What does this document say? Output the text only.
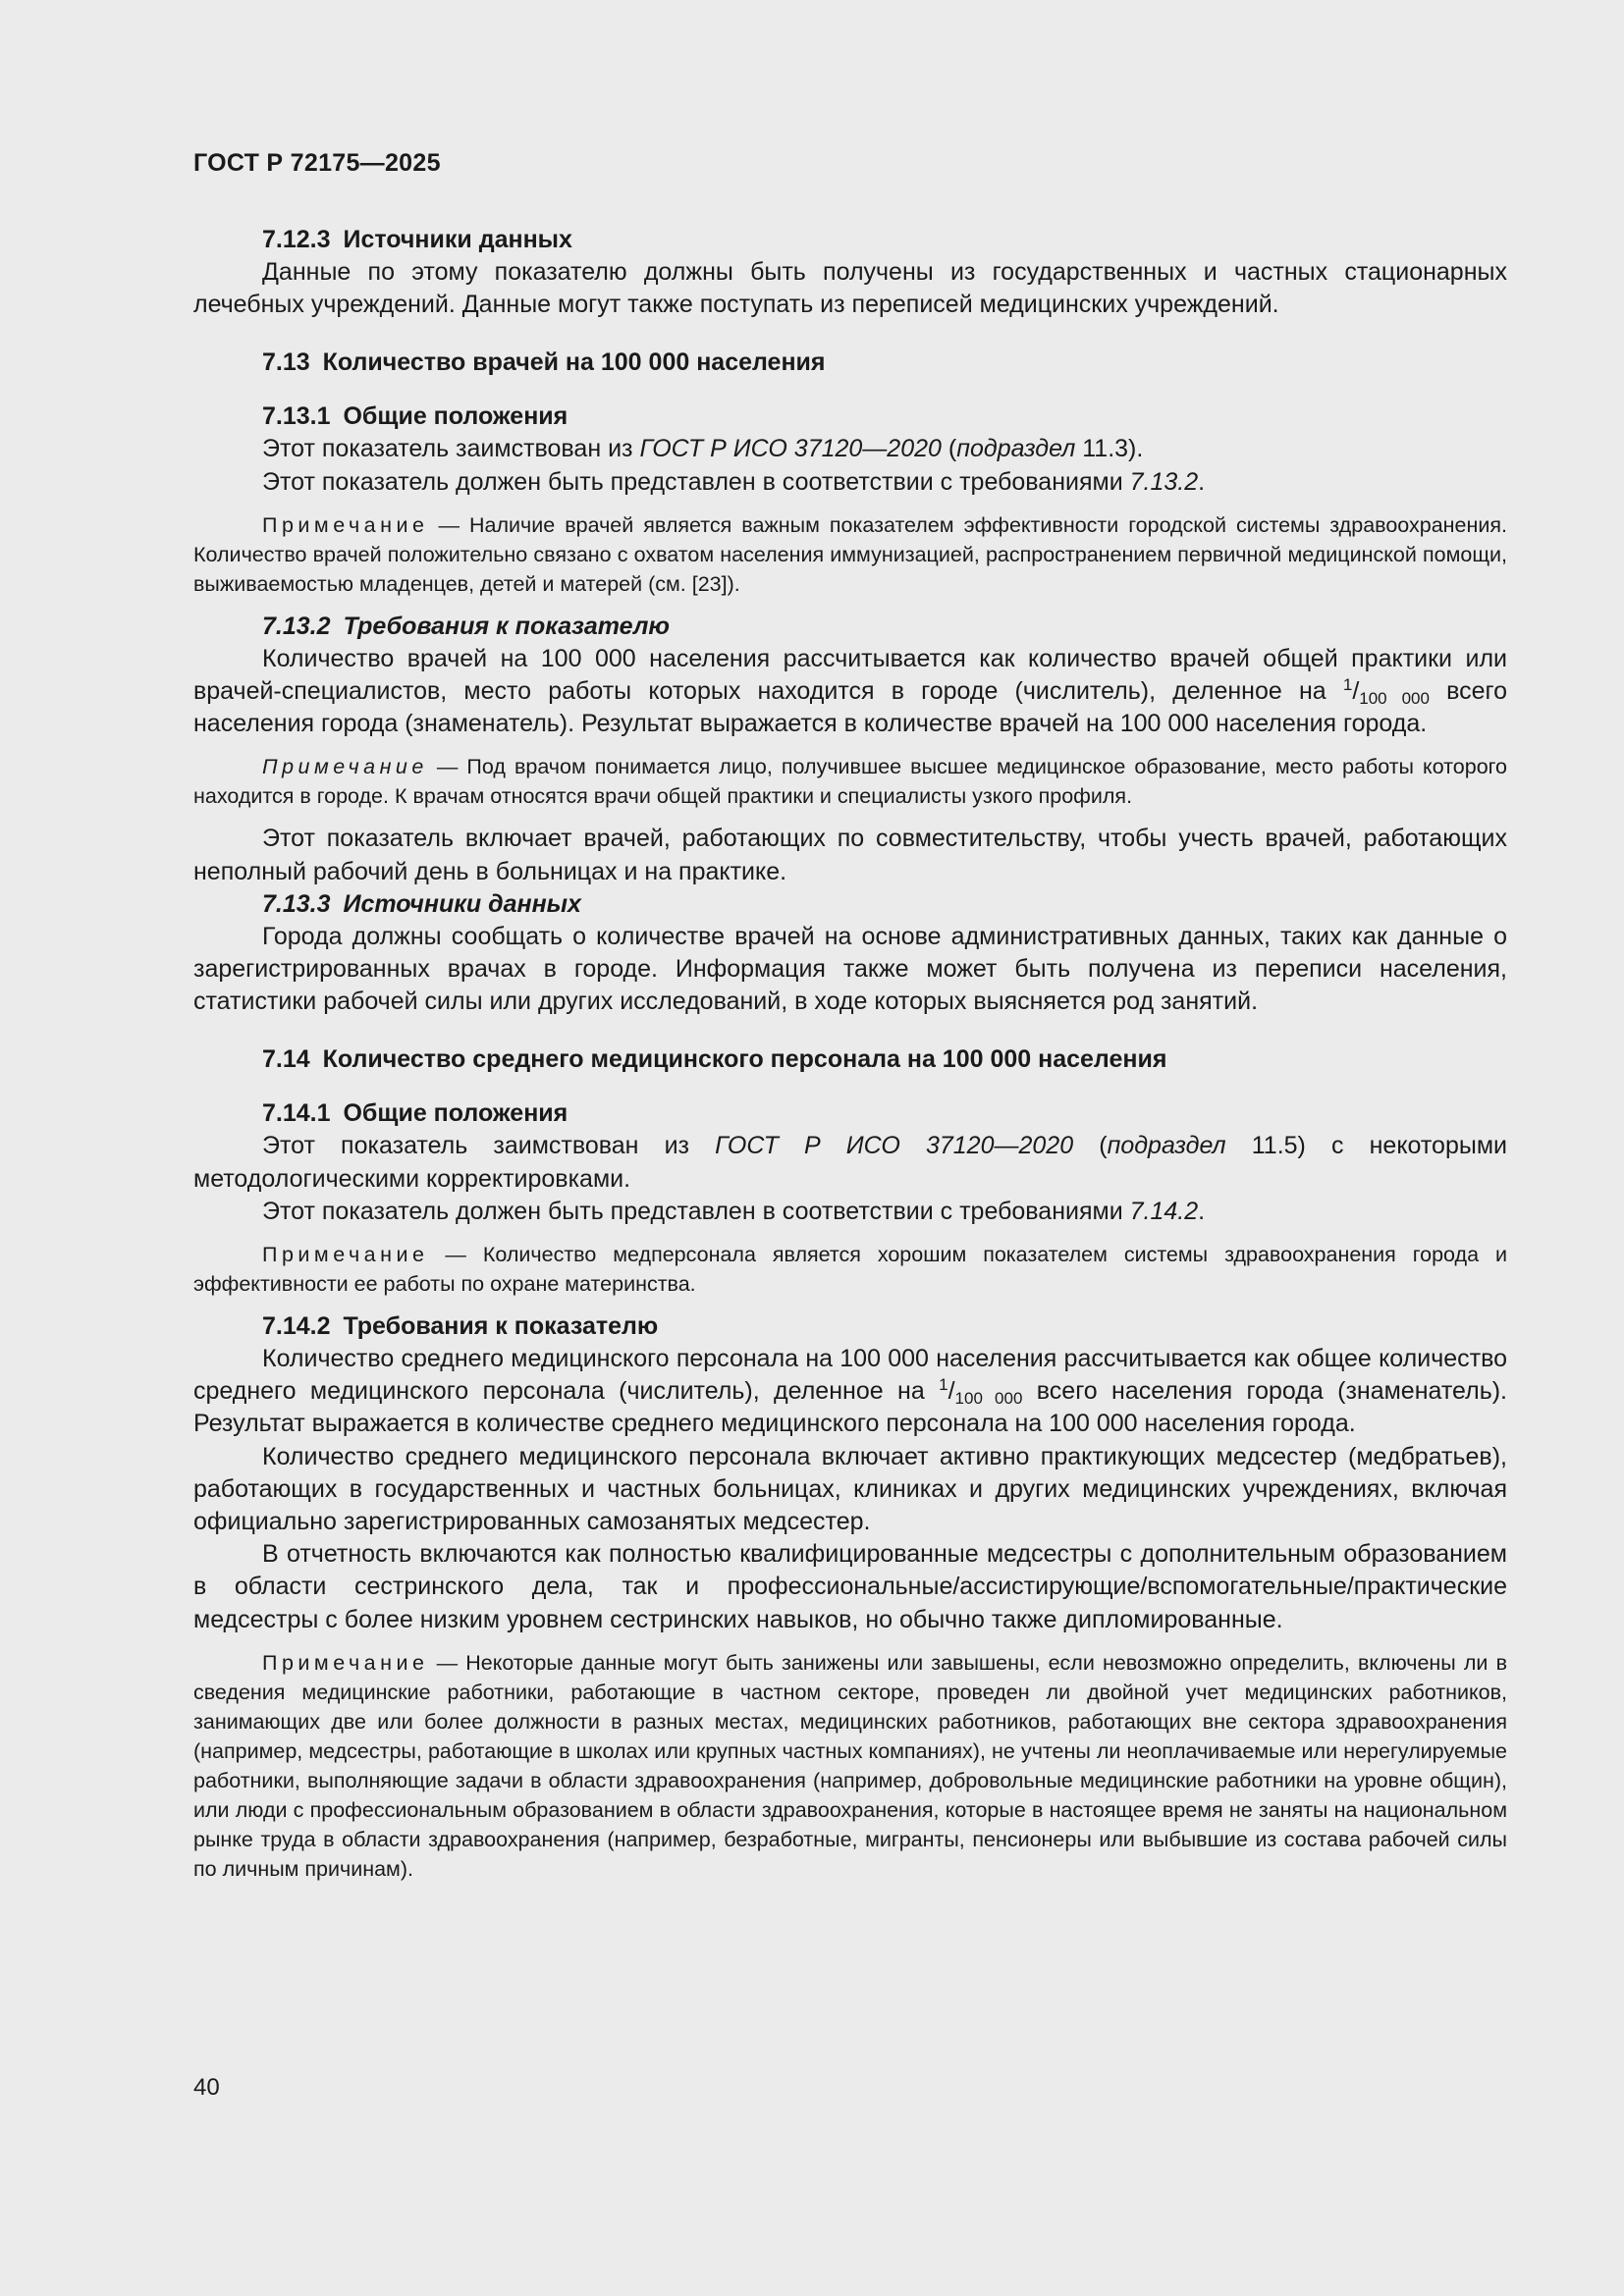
ГОСТ Р 72175—2025
7.12.3 Источники данных

Данные по этому показателю должны быть получены из государственных и частных стационарных лечебных учреждений. Данные могут также поступать из переписей медицинских учреждений.

7.13 Количество врачей на 100 000 населения
7.13.1 Общие положения

Этот показатель заимствован из ГОСТ Р ИСО 37120—2020 (подраздел 11.3).

Этот показатель должен быть представлен в соответствии с требованиями 7.13.2.

Примечание — Наличие врачей является важным показателем эффективности городской системы здравоохранения. Количество врачей положительно связано с охватом населения иммунизацией, распространением первичной медицинской помощи, выживаемостью младенцев, детей и матерей (см. [23]).

7.13.2 Требования к показателю

Количество врачей на 100 000 населения рассчитывается как количество врачей общей практики или врачей-специалистов, место работы которых находится в городе (числитель), деленное на $^1/_{100 000}$ всего населения города (знаменатель). Результат выражается в количестве врачей на 100 000 населения города.

Примечание — Под врачом понимается лицо, получившее высшее медицинское образование, место работы которого находится в городе. К врачам относятся врачи общей практики и специалисты узкого профиля.

Этот показатель включает врачей, работающих по совместительству, чтобы учесть врачей, работающих неполный рабочий день в больницах и на практике.

7.13.3 Источники данных

Города должны сообщать о количестве врачей на основе административных данных, таких как данные о зарегистрированных врачах в городе. Информация также может быть получена из переписи населения, статистики рабочей силы или других исследований, в ходе которых выясняется род занятий.

7.14 Количество среднего медицинского персонала на 100 000 населения
7.14.1 Общие положения

Этот показатель заимствован из ГОСТ Р ИСО 37120—2020 (подраздел 11.5) с некоторыми методологическими корректировками.

Этот показатель должен быть представлен в соответствии с требованиями 7.14.2.

Примечание — Количество медперсонала является хорошим показателем системы здравоохранения города и эффективности ее работы по охране материнства.

7.14.2 Требования к показателю

Количество среднего медицинского персонала на 100 000 населения рассчитывается как общее количество среднего медицинского персонала (числитель), деленное на $^1/_{100 000}$ всего населения города (знаменатель). Результат выражается в количестве среднего медицинского персонала на 100 000 населения города.

Количество среднего медицинского персонала включает активно практикующих медсестер (медбратьев), работающих в государственных и частных больницах, клиниках и других медицинских учреждениях, включая официально зарегистрированных самозанятых медсестер.

В отчетность включаются как полностью квалифицированные медсестры с дополнительным образованием в области сестринского дела, так и профессиональные/ассистирующие/вспомогательные/практические медсестры с более низким уровнем сестринских навыков, но обычно также дипломированные.

Примечание — Некоторые данные могут быть занижены или завышены, если невозможно определить, включены ли в сведения медицинские работники, работающие в частном секторе, проведен ли двойной учет медицинских работников, занимающих две или более должности в разных местах, медицинских работников, работающих вне сектора здравоохранения (например, медсестры, работающие в школах или крупных частных компаниях), не учтены ли неоплачиваемые или нерегулируемые работники, выполняющие задачи в области здравоохранения (например, добровольные медицинские работники на уровне общин), или люди с профессиональным образованием в области здравоохранения, которые в настоящее время не заняты на национальном рынке труда в области здравоохранения (например, безработные, мигранты, пенсионеры или выбывшие из состава рабочей силы по личным причинам).

40
